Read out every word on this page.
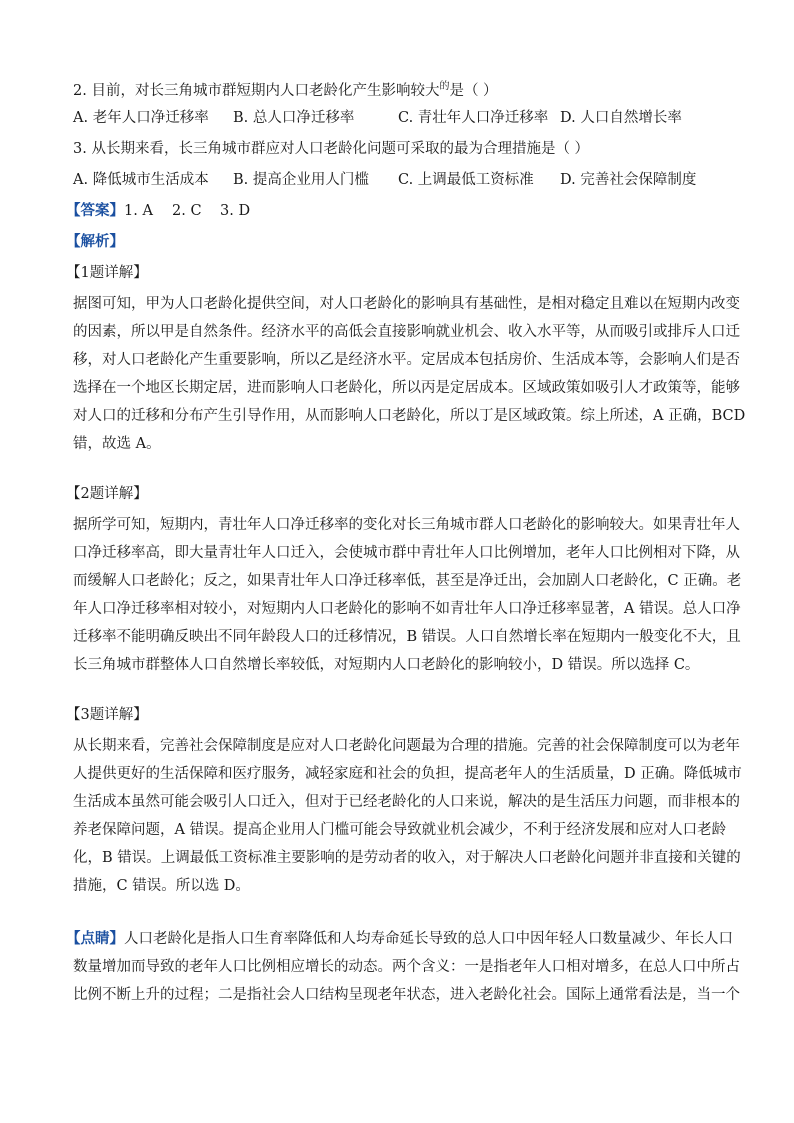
2. 目前，对长三角城市群短期内人口老龄化产生影响较大$^的$是（ ）
A. 老年人口净迁移率 B. 总人口净迁移率	C. 青壮年人口净迁移率 D. 人口自然增长率
3. 从长期来看，长三角城市群应对人口老龄化问题可采取的最为合理措施是（ ）
A. 降低城市生活成本 B. 提高企业用人门槛 C. 上调最低工资标准 D. 完善社会保障制度
【答案】1. A 2. C 3. D
【解析】
【1题详解】
据图可知，甲为人口老龄化提供空间，对人口老龄化的影响具有基础性，是相对稳定且难以在短期内改变
的因素，所以甲是自然条件。经济水平的高低会直接影响就业机会、收入水平等，从而吸引或排斥人口迁
移，对人口老龄化产生重要影响，所以乙是经济水平。定居成本包括房价、生活成本等，会影响人们是否
选择在一个地区长期定居，进而影响人口老龄化，所以丙是定居成本。区域政策如吸引人才政策等，能够
对人口的迁移和分布产生引导作用，从而影响人口老龄化，所以丁是区域政策。综上所述，A 正确，BCD
错，故选 A。
【2题详解】
据所学可知，短期内，青壮年人口净迁移率的变化对长三角城市群人口老龄化的影响较大。如果青壮年人
口净迁移率高，即大量青壮年人口迁入，会使城市群中青壮年人口比例增加，老年人口比例相对下降，从
而缓解人口老龄化；反之，如果青壮年人口净迁移率低，甚至是净迁出，会加剧人口老龄化，C 正确。老
年人口净迁移率相对较小，对短期内人口老龄化的影响不如青壮年人口净迁移率显著，A 错误。总人口净
迁移率不能明确反映出不同年龄段人口的迁移情况，B 错误。人口自然增长率在短期内一般变化不大，且
长三角城市群整体人口自然增长率较低，对短期内人口老龄化的影响较小，D 错误。所以选择 C。
【3题详解】
从长期来看，完善社会保障制度是应对人口老龄化问题最为合理的措施。完善的社会保障制度可以为老年
人提供更好的生活保障和医疗服务，减轻家庭和社会的负担，提高老年人的生活质量，D 正确。降低城市
生活成本虽然可能会吸引人口迁入，但对于已经老龄化的人口来说，解决的是生活压力问题，而非根本的
养老保障问题，A 错误。提高企业用人门槛可能会导致就业机会减少，不利于经济发展和应对人口老龄
化，B 错误。上调最低工资标准主要影响的是劳动者的收入，对于解决人口老龄化问题并非直接和关键的
措施，C 错误。所以选 D。
【点睛】人口老龄化是指人口生育率降低和人均寿命延长导致的总人口中因年轻人口数量减少、年长人口
数量增加而导致的老年人口比例相应增长的动态。两个含义：一是指老年人口相对增多，在总人口中所占
比例不断上升的过程；二是指社会人口结构呈现老年状态，进入老龄化社会。国际上通常看法是，当一个
